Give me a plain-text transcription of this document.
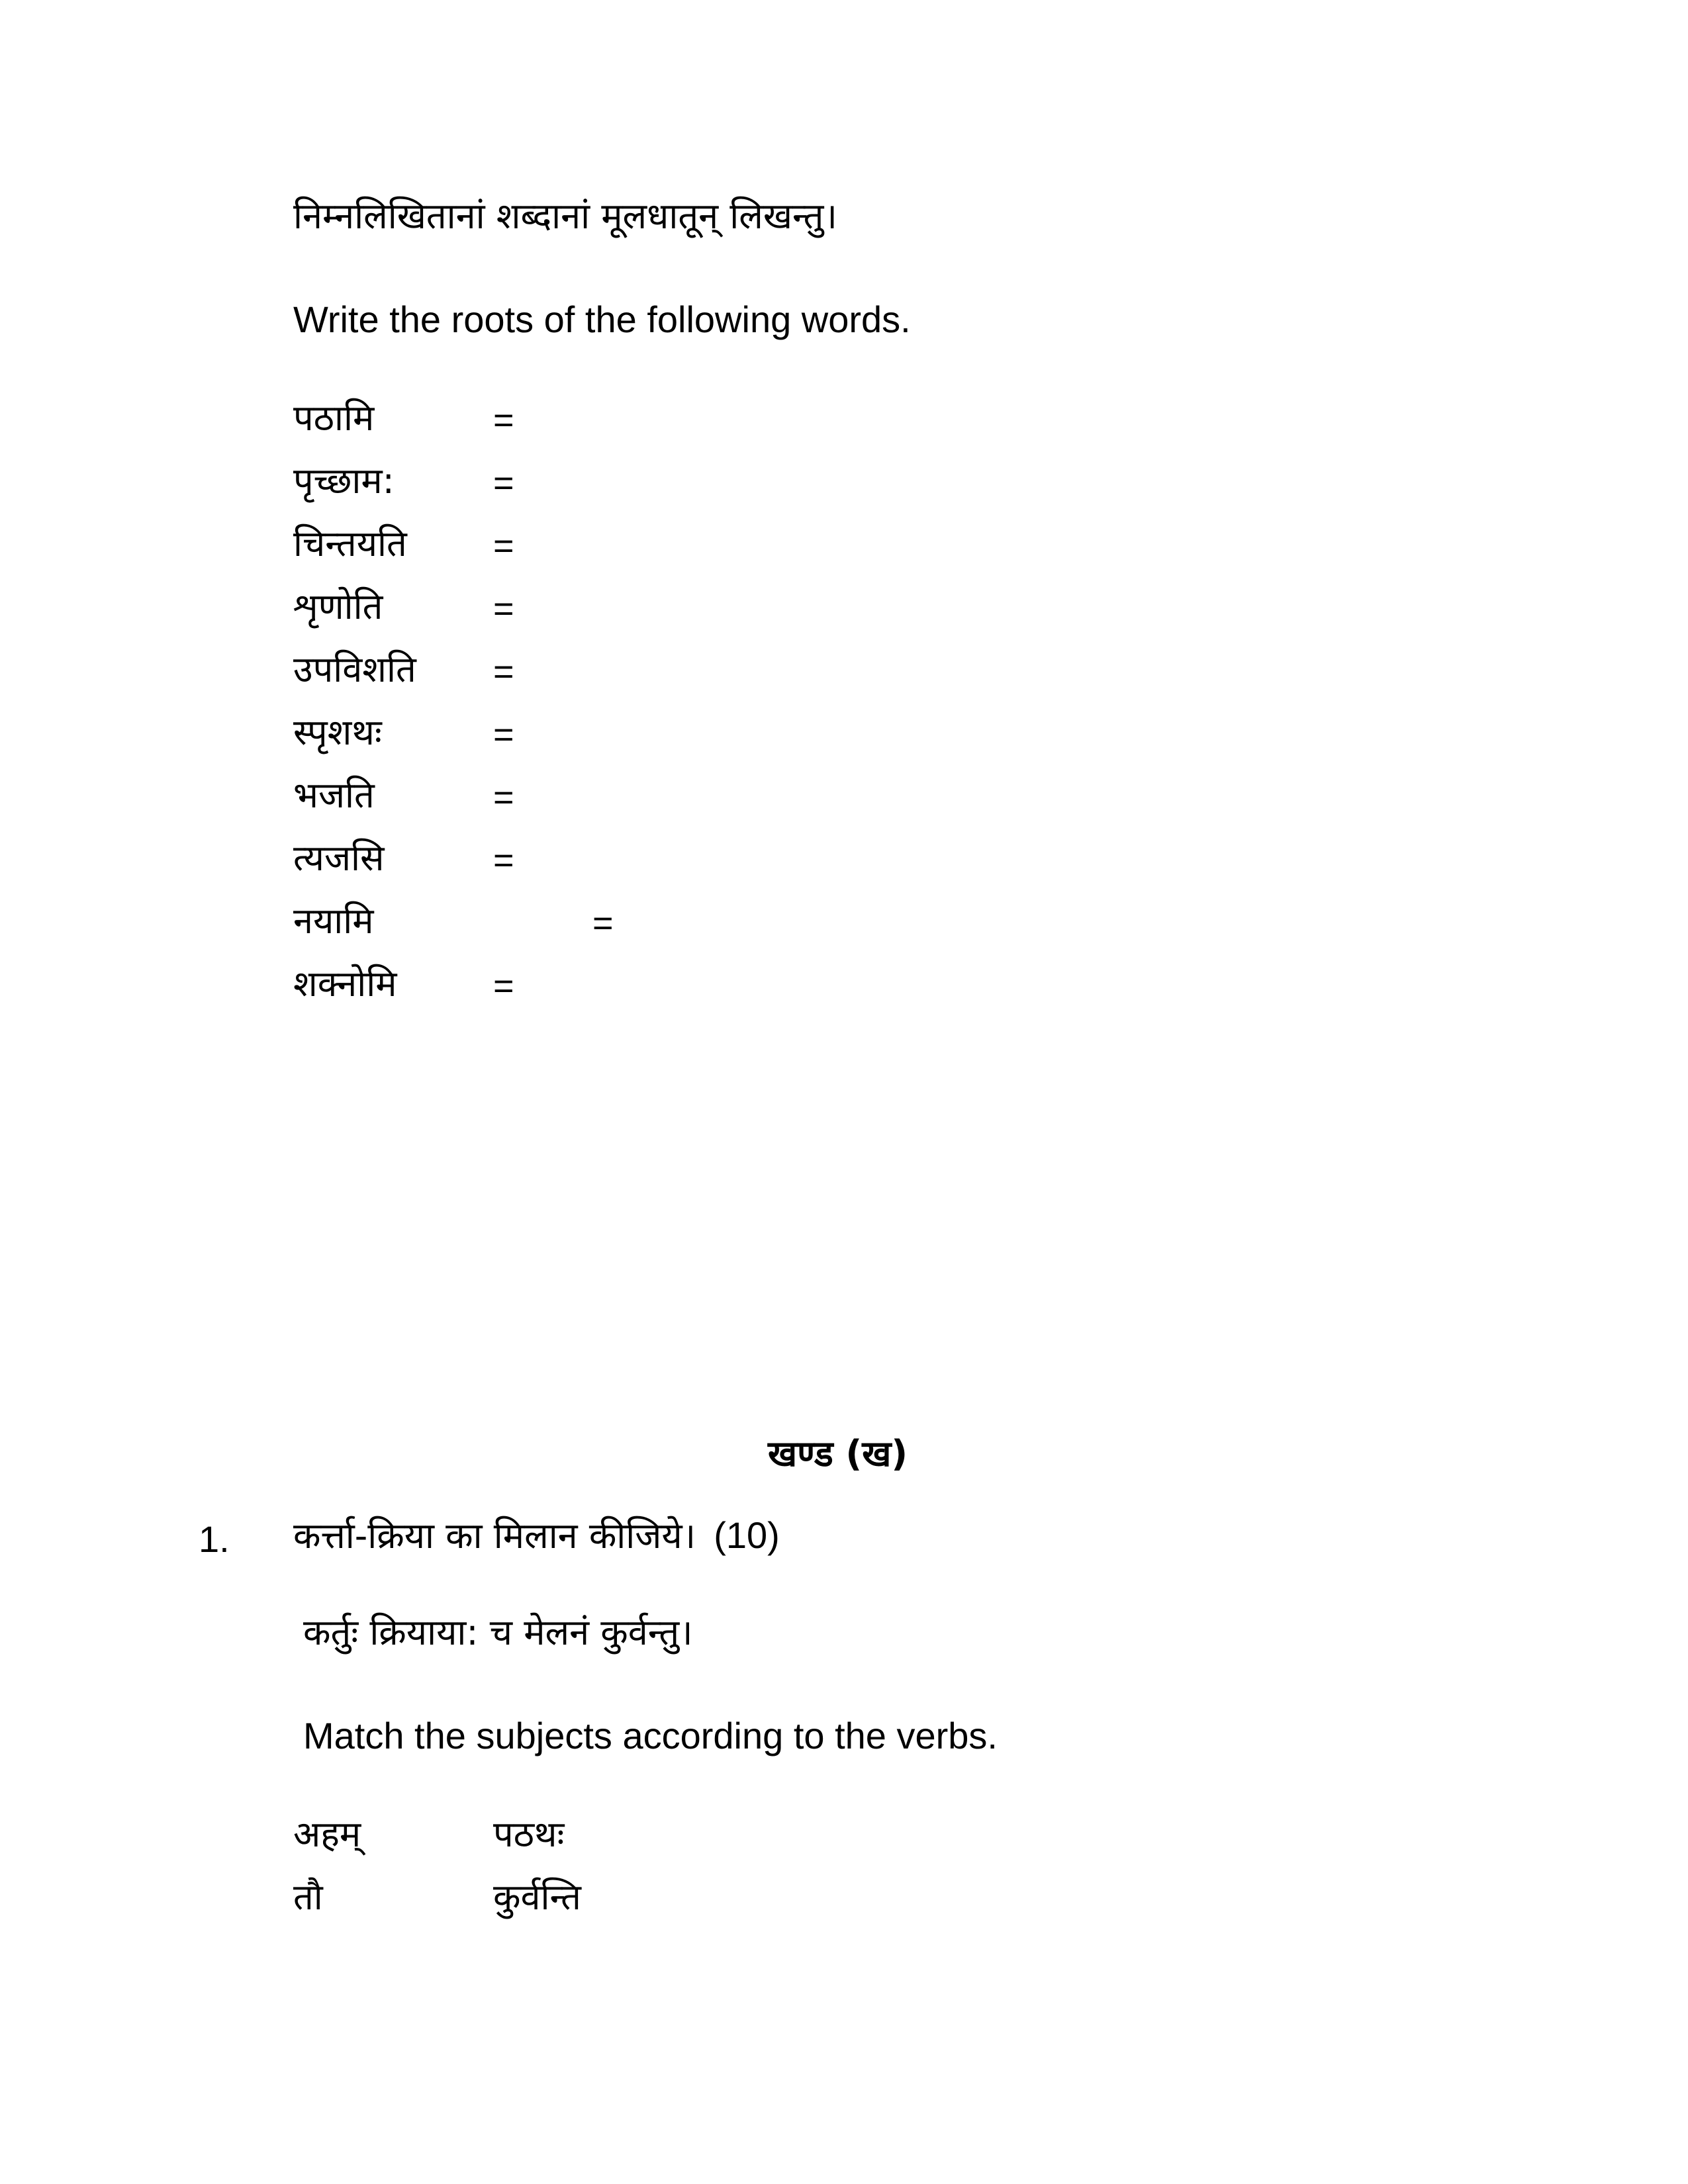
निम्नलिखितानां शब्दानां मूलधातून् लिखन्तु।
Write the roots of the following words.
पठामि	=
पृच्छाम:	=
चिन्तयति =
शृणोति	=
उपविशति =
स्पृशथः	=
भजति	=
त्यजसि	=
नयामि	=
शक्नोमि	=
खण्ड (ख)
1. कर्त्ता-क्रिया का मिलान कीजिये। (10)
कर्तुः क्रियाया: च मेलनं कुर्वन्तु।
Match the subjects according to the verbs.
अहम्	पठथः
तौ	कुर्वन्ति
